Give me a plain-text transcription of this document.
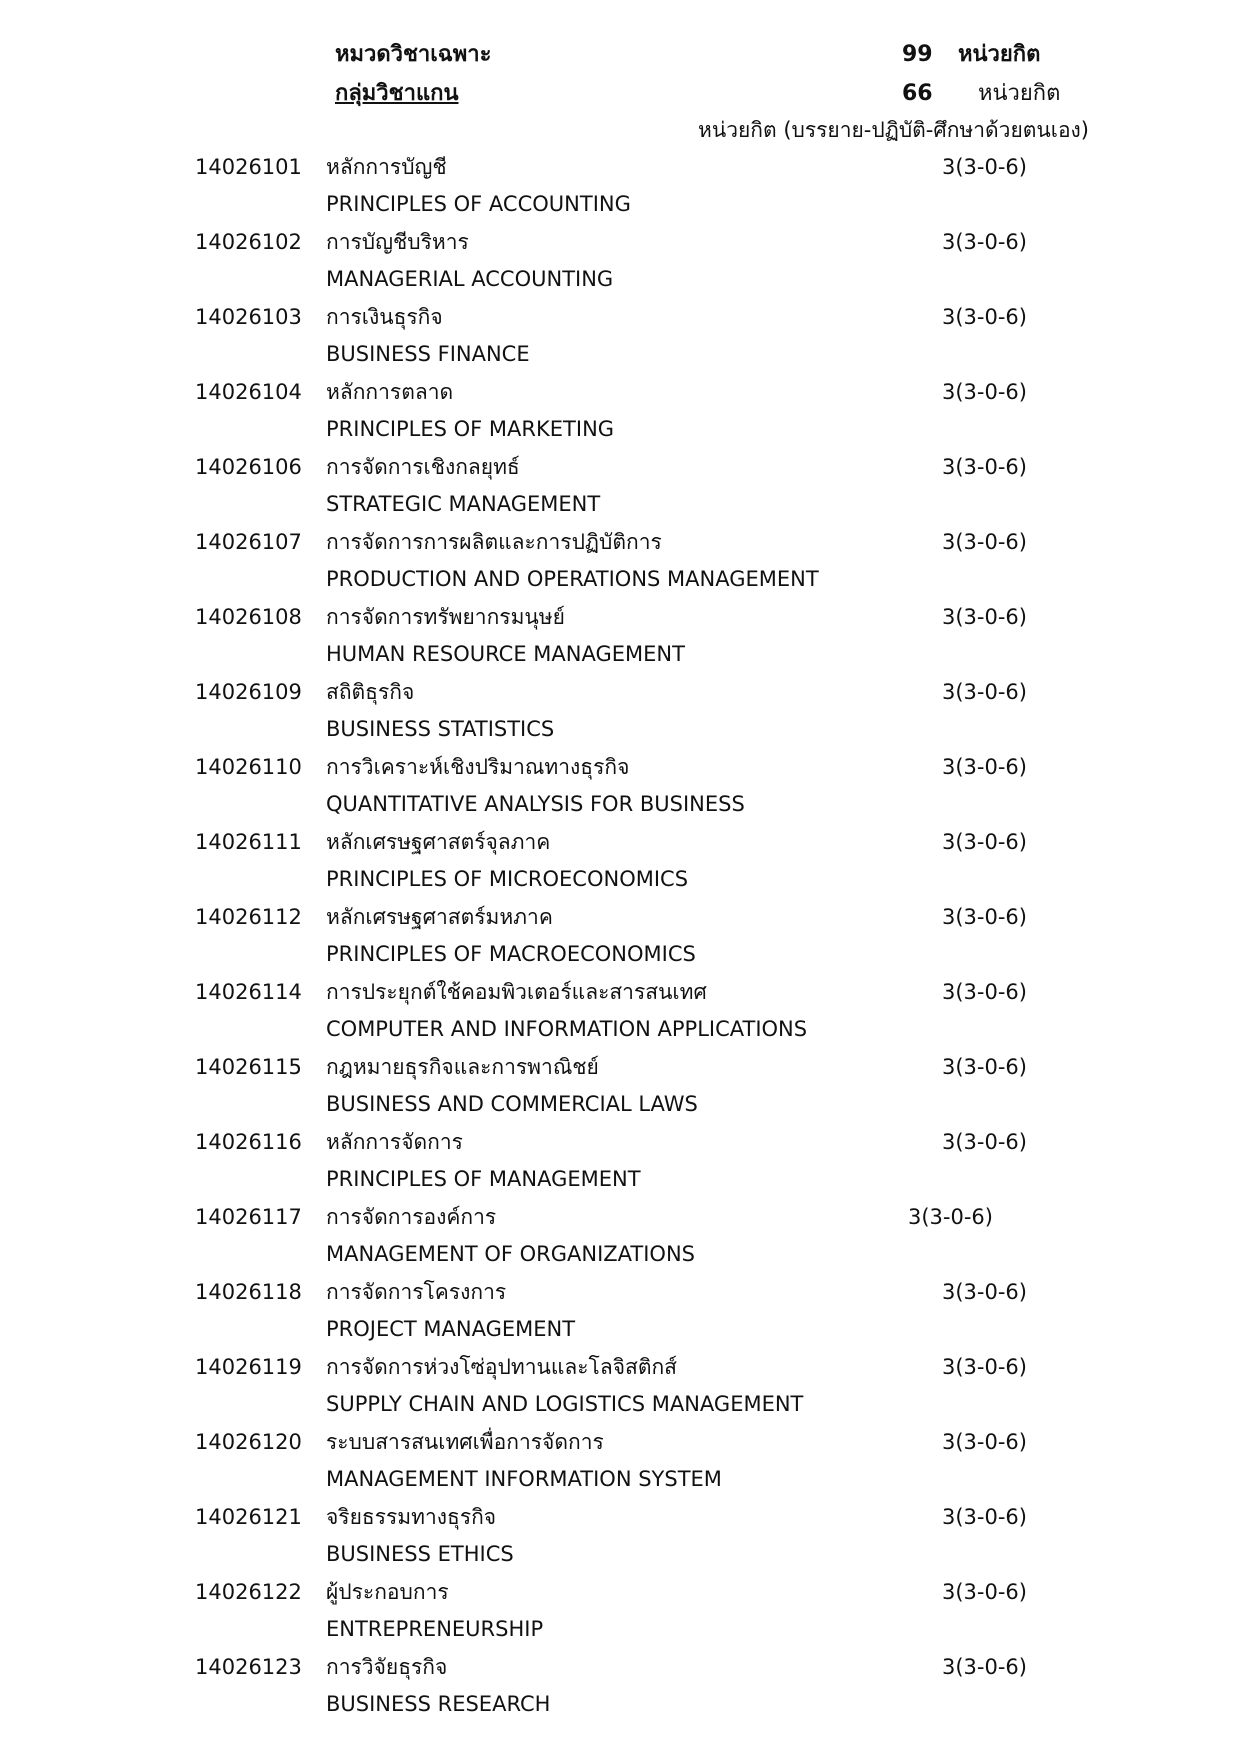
หมวดวิชาเฉพาะ	99 หน่วยกิต
กลุ่มวิชาแกน	66 หน่วยกิต
หน่วยกิต (บรรยาย-ปฏิบัติ-ศึกษาด้วยตนเอง)
14026101 หลักการบัญชี	3(3-0-6)
PRINCIPLES OF ACCOUNTING
14026102 การบัญชีบริหาร	3(3-0-6)
MANAGERIAL ACCOUNTING
14026103 การเงินธุรกิจ	3(3-0-6)
BUSINESS FINANCE
14026104 หลักการตลาด	3(3-0-6)
PRINCIPLES OF MARKETING
14026106 การจัดการเชิงกลยุทธ์	3(3-0-6)
STRATEGIC MANAGEMENT
14026107 การจัดการการผลิตและการปฏิบัติการ	3(3-0-6)
PRODUCTION AND OPERATIONS MANAGEMENT
14026108 การจัดการทรัพยากรมนุษย์	3(3-0-6)
HUMAN RESOURCE MANAGEMENT
14026109 สถิติธุรกิจ	3(3-0-6)
BUSINESS STATISTICS
14026110 การวิเคราะห์เชิงปริมาณทางธุรกิจ	3(3-0-6)
QUANTITATIVE ANALYSIS FOR BUSINESS
14026111 หลักเศรษฐศาสตร์จุลภาค	3(3-0-6)
PRINCIPLES OF MICROECONOMICS
14026112 หลักเศรษฐศาสตร์มหภาค	3(3-0-6)
PRINCIPLES OF MACROECONOMICS
14026114 การประยุกต์ใช้คอมพิวเตอร์และสารสนเทศ	3(3-0-6)
COMPUTER AND INFORMATION APPLICATIONS
14026115 กฎหมายธุรกิจและการพาณิชย์	3(3-0-6)
BUSINESS AND COMMERCIAL LAWS
14026116 หลักการจัดการ	3(3-0-6)
PRINCIPLES OF MANAGEMENT
14026117 การจัดการองค์การ	3(3-0-6)
MANAGEMENT OF ORGANIZATIONS
14026118 การจัดการโครงการ	3(3-0-6)
PROJECT MANAGEMENT
14026119 การจัดการห่วงโซ่อุปทานและโลจิสติกส์	3(3-0-6)
SUPPLY CHAIN AND LOGISTICS MANAGEMENT
14026120 ระบบสารสนเทศเพื่อการจัดการ	3(3-0-6)
MANAGEMENT INFORMATION SYSTEM
14026121 จริยธรรมทางธุรกิจ	3(3-0-6)
BUSINESS ETHICS
14026122 ผู้ประกอบการ	3(3-0-6)
ENTREPRENEURSHIP
14026123 การวิจัยธุรกิจ	3(3-0-6)
BUSINESS RESEARCH
